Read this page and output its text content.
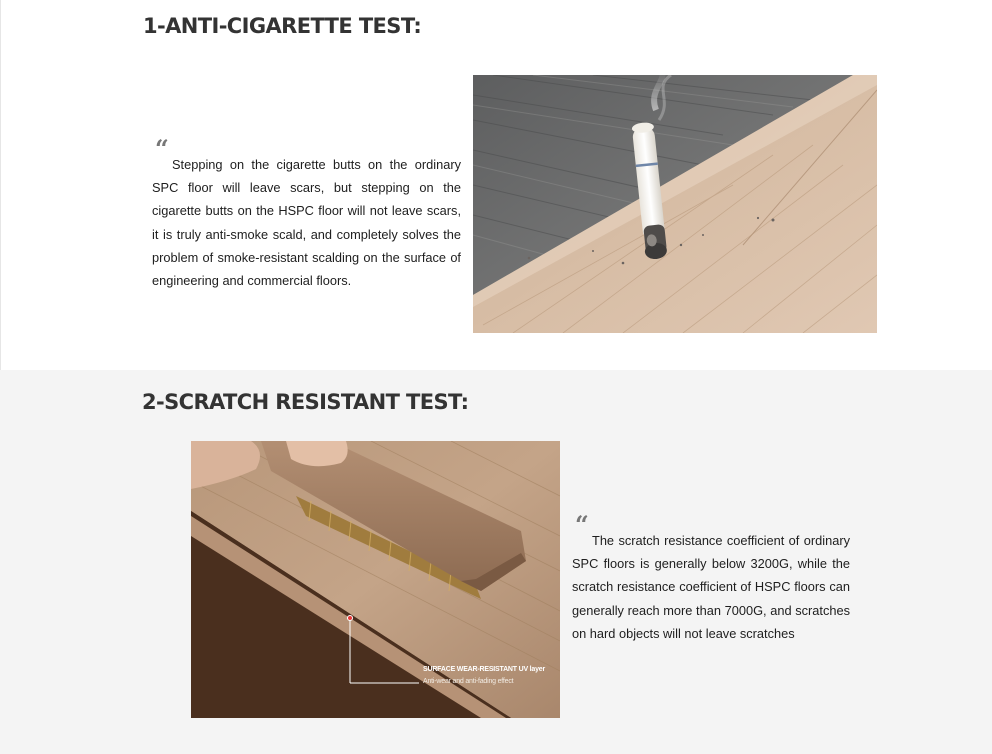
1-ANTI-CIGARETTE TEST:
“

Stepping on the cigarette butts on the ordinary SPC floor will leave scars, but stepping on the cigarette butts on the HSPC floor will not leave scars, it is truly anti-smoke scald, and completely solves the problem of smoke-resistant scalding on the surface of engineering and commercial floors.

2-SCRATCH RESISTANT TEST:
SURFACE WEAR-RESISTANT UV layer
Anti-wear and anti-fading effect
“

The scratch resistance coefficient of ordinary SPC floors is generally below 3200G, while the scratch resistance coefficient of HSPC floors can generally reach more than 7000G, and scratches on hard objects will not leave scratches
